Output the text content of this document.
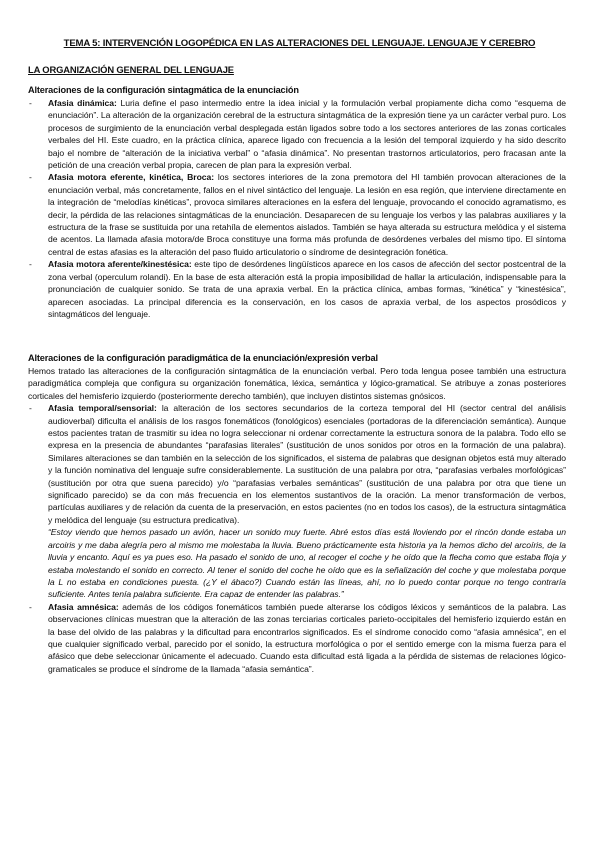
TEMA 5: INTERVENCIÓN LOGOPÉDICA EN LAS ALTERACIONES DEL LENGUAJE. LENGUAJE Y CEREBRO
LA ORGANIZACIÓN GENERAL DEL LENGUAJE
Alteraciones de la configuración sintagmática de la enunciación
- Afasia dinámica: Luria define el paso intermedio entre la idea inicial y la formulación verbal propiamente dicha como “esquema de enunciación”. La alteración de la organización cerebral de la estructura sintagmática de la expresión tiene ya un carácter verbal puro. Los procesos de surgimiento de la enunciación verbal desplegada están ligados sobre todo a los sectores anteriores de las zonas corticales verbales del HI. Este cuadro, en la práctica clínica, aparece ligado con frecuencia a la lesión del temporal izquierdo y ha sido descrito bajo el nombre de “alteración de la iniciativa verbal” o “afasia dinámica”. No presentan trastornos articulatorios, pero fracasan ante la petición de una creación verbal propia, carecen de plan para la expresión verbal.
- Afasia motora eferente, kinética, Broca: los sectores interiores de la zona premotora del HI también provocan alteraciones de la enunciación verbal, más concretamente, fallos en el nivel sintáctico del lenguaje. La lesión en esa región, que interviene directamente en la integración de “melodías kinéticas”, provoca similares alteraciones en la esfera del lenguaje, provocando el conocido agramatismo, es decir, la pérdida de las relaciones sintagmáticas de la enunciación. Desaparecen de su lenguaje los verbos y las palabras auxiliares y la estructura de la frase se sustituida por una retahíla de elementos aislados. También se haya alterada su estructura melódica y el sistema de acentos. La llamada afasia motora/de Broca constituye una forma más profunda de desórdenes verbales del mismo tipo. El síntoma central de estas afasias es la alteración del paso fluido articulatorio o síndrome de desintegración fonética.
- Afasia motora aferente/kinestésica: este tipo de desórdenes lingüísticos aparece en los casos de afección del sector postcentral de la zona verbal (operculum rolandi). En la base de esta alteración está la propia imposibilidad de hallar la articulación, indispensable para la pronunciación de cualquier sonido. Se trata de una apraxia verbal. En la práctica clínica, ambas formas, “kinética” y “kinestésica”, aparecen asociadas. La principal diferencia es la conservación, en los casos de apraxia verbal, de los aspectos prosódicos y sintagmáticos del lenguaje.
Alteraciones de la configuración paradigmática de la enunciación/expresión verbal

Hemos tratado las alteraciones de la configuración sintagmática de la enunciación verbal. Pero toda lengua posee también una estructura paradigmática compleja que configura su organización fonemática, léxica, semántica y lógico-gramatical. Se atribuye a zonas posteriores corticales del hemisferio izquierdo (posteriormente derecho también), que incluyen distintos sistemas gnósicos.

- Afasia temporal/sensorial: la alteración de los sectores secundarios de la corteza temporal del HI (sector central del análisis audioverbal) dificulta el análisis de los rasgos fonemáticos (fonológicos) esenciales (portadoras de la diferenciación semántica). Aunque estos pacientes tratan de trasmitir su idea no logra seleccionar ni ordenar correctamente la estructura sonora de la palabra. Todo ello se expresa en la presencia de abundantes “parafasias literales” (sustitución de unos sonidos por otros en la formación de una palabra). Similares alteraciones se dan también en la selección de los significados, el sistema de palabras que designan objetos está muy alterado y la función nominativa del lenguaje sufre considerablemente. La sustitución de una palabra por otra, “parafasias verbales morfológicas” (sustitución por otra que suena parecido) y/o “parafasias verbales semánticas” (sustitución de una palabra por otra que tiene un significado parecido) se da con más frecuencia en los elementos sustantivos de la oración. La menor transformación de verbos, partículas auxiliares y de relación da cuenta de la preservación, en estos pacientes (no en todos los casos), de la estructura sintagmática y melódica del lenguaje (su estructura predicativa).
“Estoy viendo que hemos pasado un avión, hacer un sonido muy fuerte. Abré estos días está lloviendo por el rincón donde estaba un arcoiris y me daba alegría pero al mismo me molestaba la lluvia. Bueno prácticamente esta historia ya la hemos dicho del arcoíris, de la lluvia y encanto. Aquí es ya pues eso. Ha pasado el sonido de uno, al recoger el coche y he oído que la flecha como que estaba floja y estaba molestando el sonido en correcto. Al tener el sonido del coche he oído que es la señalización del coche y que molestaba porque la L no estaba en condiciones puesta. (¿Y el ábaco?) Cuando están las líneas, ahí, no lo puedo contar porque no tengo contraría suficiente. Antes tenía palabra suficiente. Era capaz de entender las palabras.”
- Afasia amnésica: además de los códigos fonemáticos también puede alterarse los códigos léxicos y semánticos de la palabra. Las observaciones clínicas muestran que la alteración de las zonas terciarias corticales parieto-occipitales del hemisferio izquierdo están en la base del olvido de las palabras y la dificultad para encontrarlos significados. Es el síndrome conocido como “afasia amnésica”, en el que cualquier significado verbal, parecido por el sonido, la estructura morfológica o por el sentido emerge con la misma fuerza para el afásico que debe seleccionar únicamente el adecuado. Cuando esta dificultad está ligada a la pérdida de sistemas de relaciones lógico-gramaticales se produce el síndrome de la llamada “afasia semántica”.
